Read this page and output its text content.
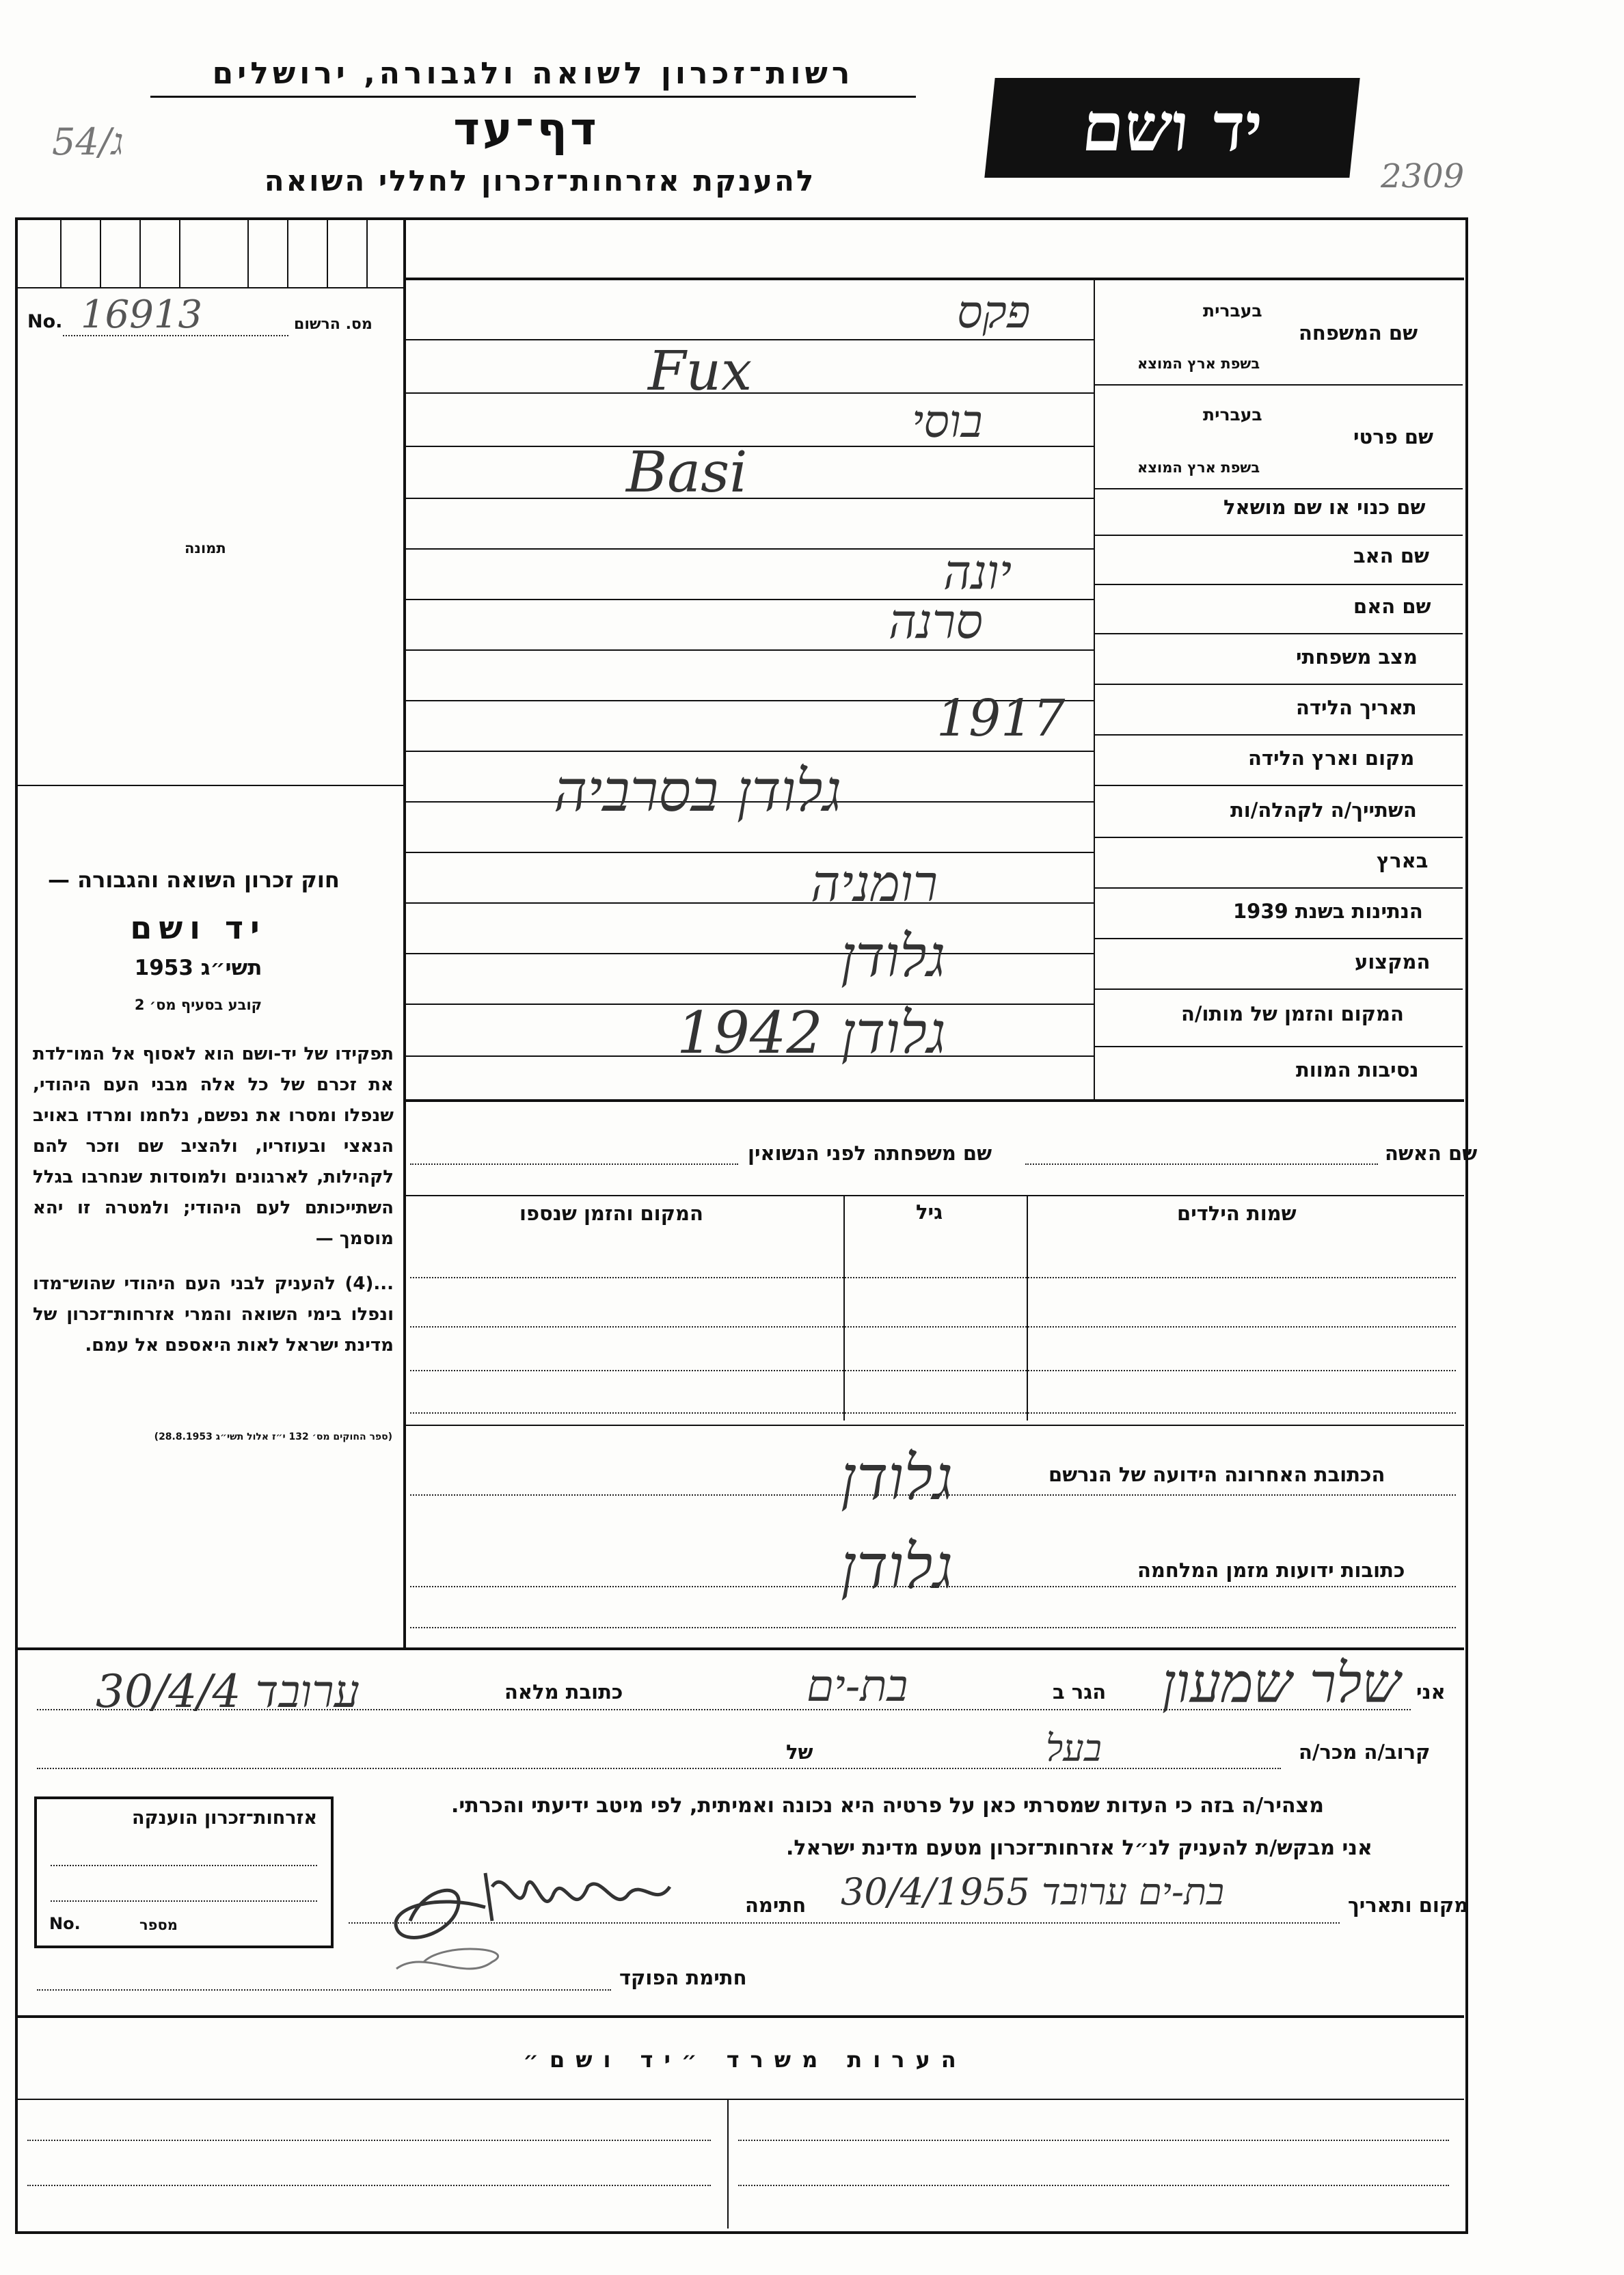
רשות־זכרון לשואה ולגבורה, ירושלים
דף־עד
להענקת אזרחות־זכרון לחללי השואה
יד ושם
54/ג
2309
No. 16913	מס. הרשום
תמונה
חוק זכרון השואה והגבורה —
יד ושם
תשי״ג 1953
קובע בסעיף מס׳ 2
תפקידו של יד-ושם הוא לאסוף אל המו־לדת את זכרם של כל אלה מבני העם היהודי, שנפלו ומסרו את נפשם, נלחמו ומרדו באויב הנאצי ובעוזריו, ולהציב שם וזכר להם לקהילות, לארגונים ולמוסדות שנחרבו בגלל השתייכותם לעם היהודי; ולמטרה זו יהא מוסמך —
...(4) להעניק לבני העם היהודי שהוש־מדו ונפלו בימי השואה והמרי אזרחות־זכרון של מדינת ישראל לאות היאספם אל עמם.
(ספר החוקים מס׳ 132 י״ז אלול תשי״ג 28.8.1953)
בעברית
שם המשפחה
בשפת ארץ המוצא
בעברית
שם פרטי
בשפת ארץ המוצא
שם כנוי או שם מושאל
שם האב
שם האם
מצב משפחתי
תאריך הלידה
מקום וארץ הלידה
השתייך/ה לקהלה/ות
בארץ
הנתינות בשנת 1939
המקצוע
המקום והזמן של מותו/ה
נסיבות המוות
פקס
Fux
בוסי
Basi
יונה
סרנה
1917
גלודן בסרביה
רומניה
גלודן
גלודן 1942
שם האשה
שם משפחתה לפני הנשואין
שמות הילדים
גיל
המקום והזמן שנספו
הכתובת האחרונה הידועה של הנרשם
גלודן
כתובות ידועות מזמן המלחמה
גלודן
אני
שלר שמעון
הגר ב
בת-ים
כתובת מלאה
ערובד 30/4/4
קרוב/ה מכר/ה
בעל
של
מצהיר/ה בזה כי העדות שמסרתי כאן על פרטיה היא נכונה ואמיתית, לפי מיטב ידיעתי והכרתי.
אני מבקש/ת להעניק לנ״ל אזרחות־זכרון מטעם מדינת ישראל.
מקום ותאריך
בת-ים ערובד 30/4/1955
חתימה
חתימת הפוקד
אזרחות־זכרון הוענקה
No.	מספר
הערות משרד ״יד ושם״
